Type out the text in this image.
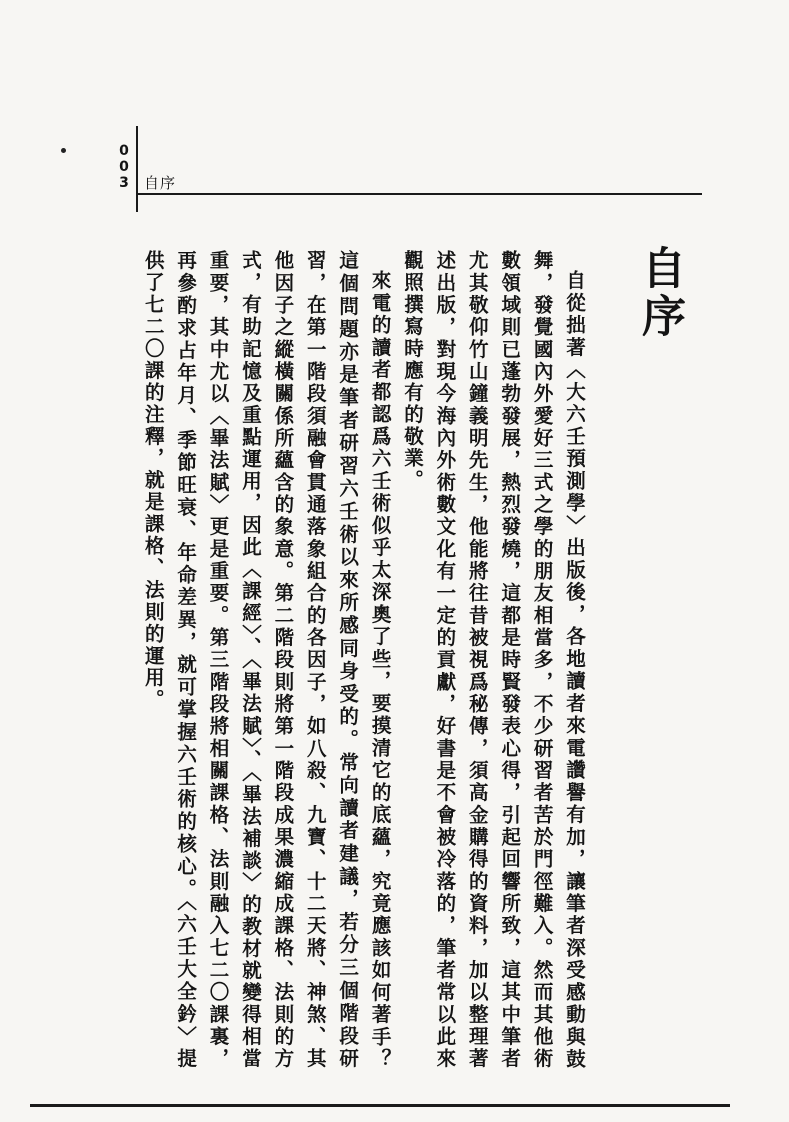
0
0
3 自序
自序

自從拙著〈大六壬預測學〉出版後，各地讀者來電讚譽有加，讓筆者深受感動與鼓舞，發覺國內外愛好三式之學的朋友相當多，不少研習者苦於門徑難入。然而其他術數領域則已蓬勃發展，熱烈發燒，這都是時賢發表心得，引起回響所致，這其中筆者尤其敬仰竹山鐘義明先生，他能將往昔被視爲秘傳，須高金購得的資料，加以整理著述出版，對現今海內外術數文化有一定的貢獻，好書是不會被冷落的，筆者常以此來觀照撰寫時應有的敬業。

來電的讀者都認爲六壬術似乎太深奧了些，要摸清它的底蘊，究竟應該如何著手？這個問題亦是筆者研習六壬術以來所感同身受的。常向讀者建議，若分三個階段研習，在第一階段須融會貫通落象組合的各因子，如八殺、九寶、十二天將、神煞、其他因子之縱橫關係所蘊含的象意。第二階段則將第一階段成果濃縮成課格、法則的方式，有助記憶及重點運用，因此〈課經〉、〈畢法賦〉、〈畢法補談〉的教材就變得相當重要，其中尤以〈畢法賦〉更是重要。第三階段將相關課格、法則融入七二〇課裏，再參酌求占年月、季節旺衰、年命差異，就可掌握六壬術的核心。〈六壬大全鈐〉提供了七二〇課的注釋，就是課格、法則的運用。
